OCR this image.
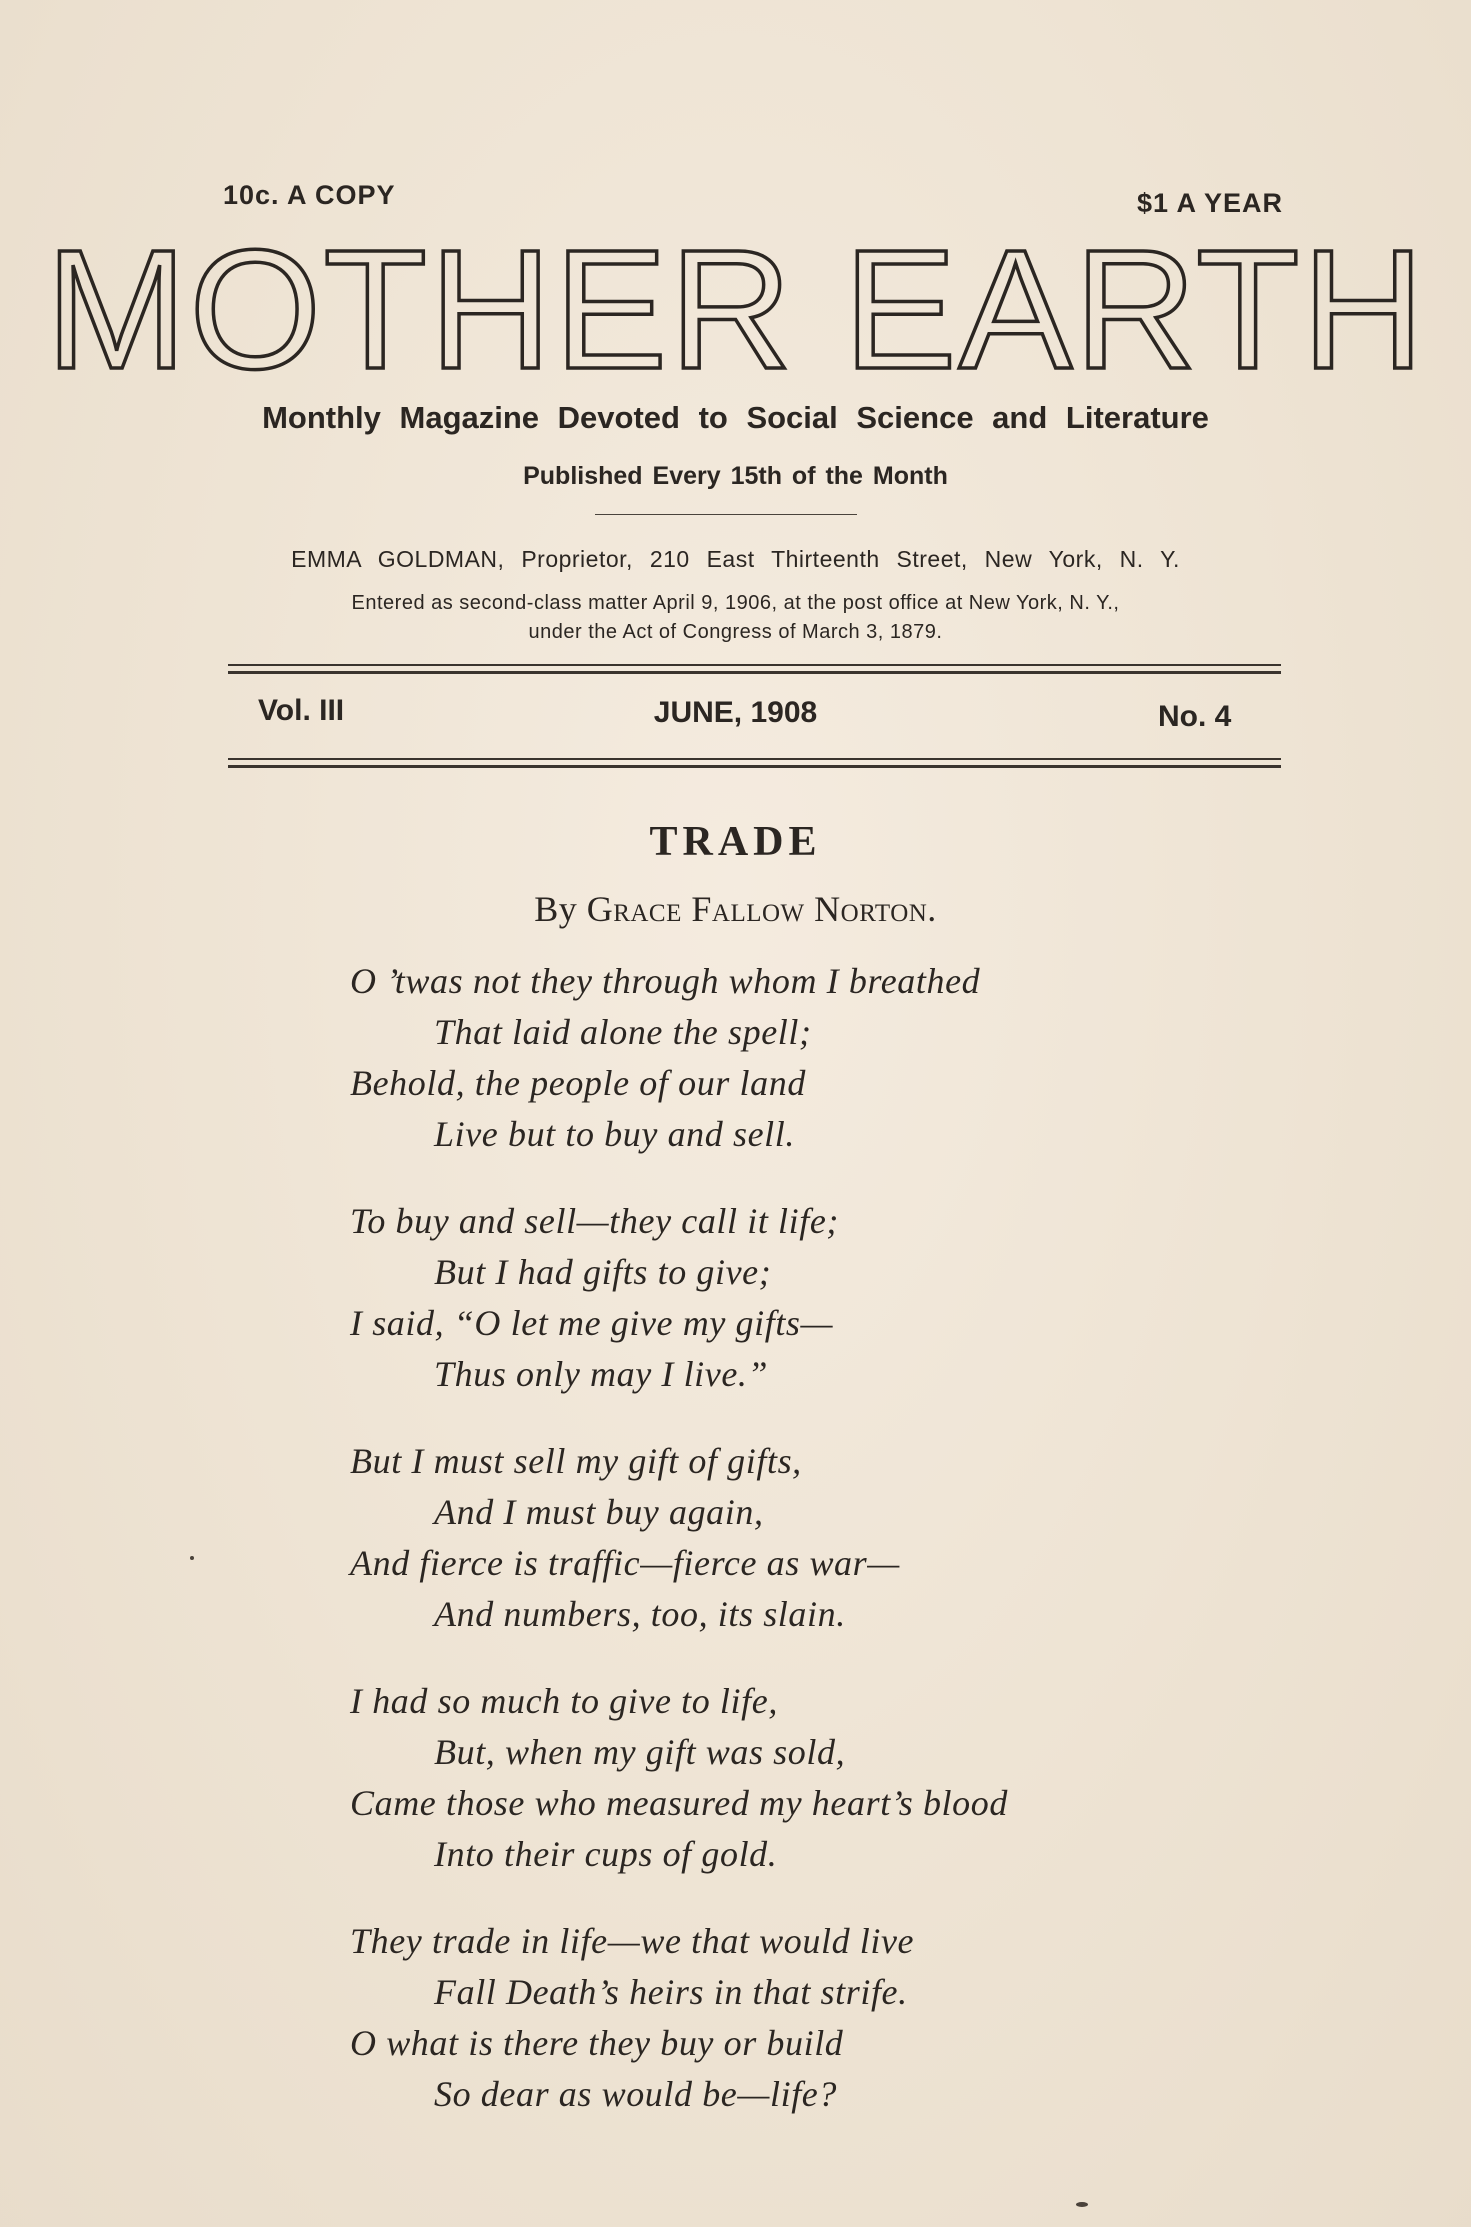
10c. A COPY	$1 A YEAR
MOTHER EARTH
Monthly Magazine Devoted to Social Science and Literature
Published Every 15th of the Month
EMMA GOLDMAN, Proprietor, 210 East Thirteenth Street, New York, N. Y.
Entered as second-class matter April 9, 1906, at the post office at New York, N. Y.,
under the Act of Congress of March 3, 1879.
Vol. III	JUNE, 1908	No. 4
TRADE
By Grace Fallow Norton.
O ’twas not they through whom I breathed
That laid alone the spell;
Behold, the people of our land
Live but to buy and sell.
To buy and sell—they call it life;
But I had gifts to give;
I said, “O let me give my gifts—
Thus only may I live.”
But I must sell my gift of gifts,
And I must buy again,
And fierce is traffic—fierce as war—
And numbers, too, its slain.
I had so much to give to life,
But, when my gift was sold,
Came those who measured my heart’s blood
Into their cups of gold.
They trade in life—we that would live
Fall Death’s heirs in that strife.
O what is there they buy or build
So dear as would be—life?
